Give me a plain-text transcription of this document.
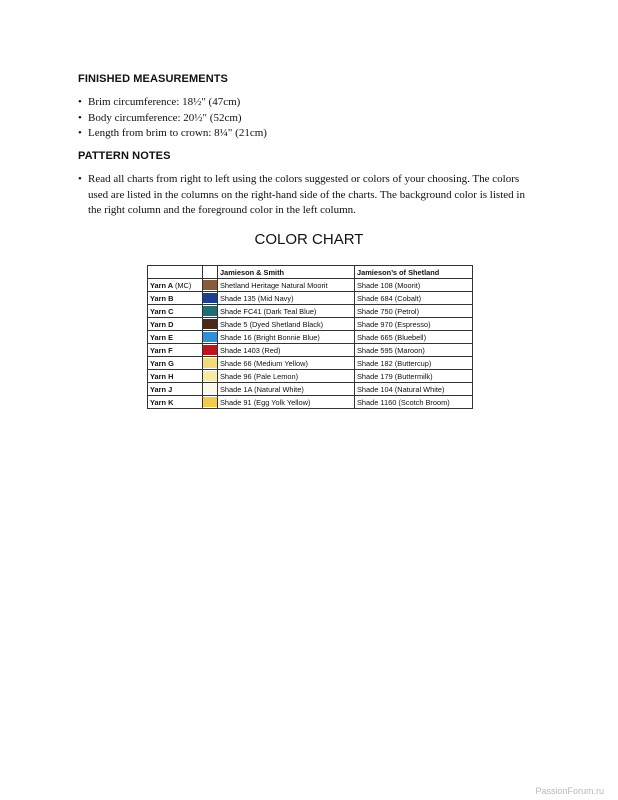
FINISHED MEASUREMENTS
• Brim circumference: 18½" (47cm)
• Body circumference: 20½" (52cm)
• Length from brim to crown: 8¼" (21cm)
PATTERN NOTES
• Read all charts from right to left using the colors suggested or colors of your choosing. The colors
used are listed in the columns on the right-hand side of the charts. The background color is listed in
the right column and the foreground color in the left column.
COLOR CHART
		Jamieson & Smith	Jamieson’s of Shetland
Yarn A (MC)		Shetland Heritage Natural Moorit	Shade 108 (Moorit)
Yarn B		Shade 135 (Mid Navy)	Shade 684 (Cobalt)
Yarn C		Shade FC41 (Dark Teal Blue)	Shade 750 (Petrol)
Yarn D		Shade 5 (Dyed Shetland Black)	Shade 970 (Espresso)
Yarn E		Shade 16 (Bright Bonnie Blue)	Shade 665 (Bluebell)
Yarn F		Shade 1403 (Red)	Shade 595 (Maroon)
Yarn G		Shade 66 (Medium Yellow)	Shade 182 (Buttercup)
Yarn H		Shade 96 (Pale Lemon)	Shade 179 (Buttermilk)
Yarn J		Shade 1A (Natural White)	Shade 104 (Natural White)
Yarn K		Shade 91 (Egg Yolk Yellow)	Shade 1160 (Scotch Broom)
PassionForum.ru
